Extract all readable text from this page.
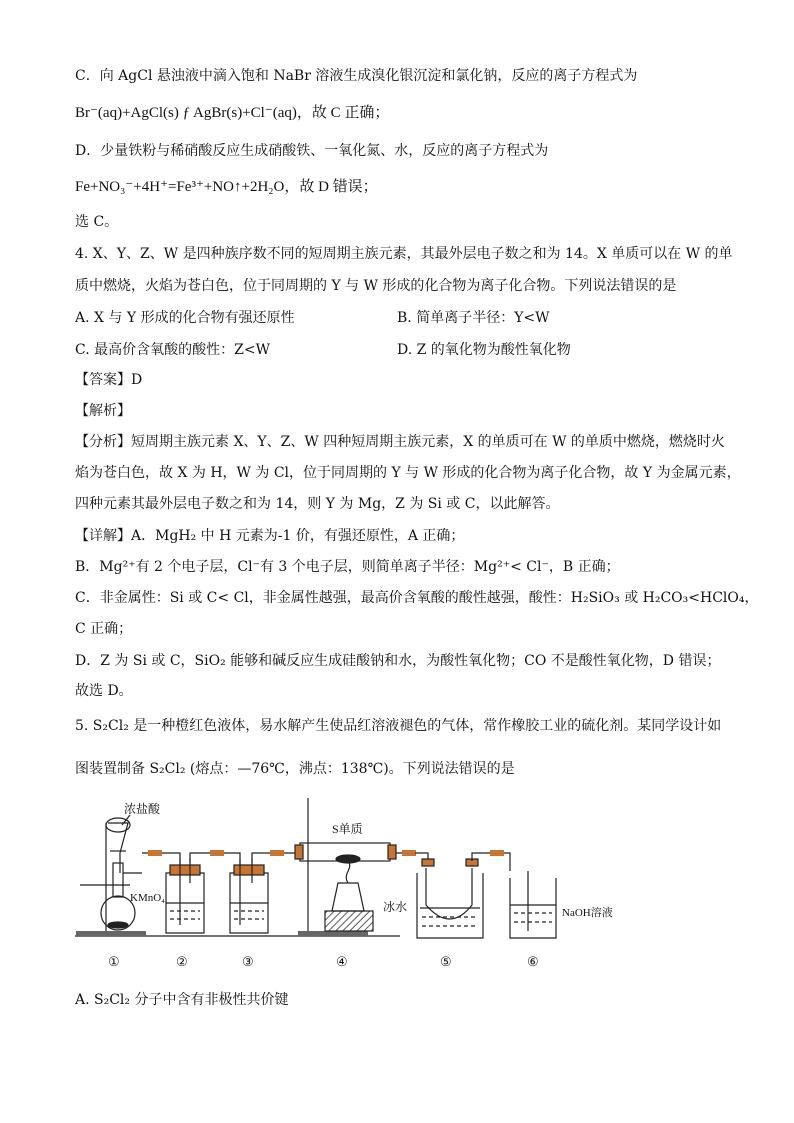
C．向 AgCl 悬浊液中滴入饱和 NaBr 溶液生成溴化银沉淀和氯化钠，反应的离子方程式为
Br⁻(aq)+AgCl(s) ƒ AgBr(s)+Cl⁻(aq)，故 C 正确；
D．少量铁粉与稀硝酸反应生成硝酸铁、一氧化氮、水，反应的离子方程式为
Fe+NO₃⁻+4H⁺=Fe³⁺+NO↑+2H₂O，故 D 错误；
选 C。
4. X、Y、Z、W 是四种族序数不同的短周期主族元素，其最外层电子数之和为 14。X 单质可以在 W 的单
质中燃烧，火焰为苍白色，位于同周期的 Y 与 W 形成的化合物为离子化合物。下列说法错误的是
A. X 与 Y 形成的化合物有强还原性	B. 简单离子半径：Y<W
C. 最高价含氧酸的酸性：Z<W	D. Z 的氧化物为酸性氧化物
【答案】D
【解析】
【分析】短周期主族元素 X、Y、Z、W 四种短周期主族元素，X 的单质可在 W 的单质中燃烧，燃烧时火
焰为苍白色，故 X 为 H，W 为 Cl，位于同周期的 Y 与 W 形成的化合物为离子化合物，故 Y 为金属元素，
四种元素其最外层电子数之和为 14，则 Y 为 Mg，Z 为 Si 或 C，以此解答。
【详解】A．MgH₂ 中 H 元素为-1 价，有强还原性，A 正确；
B．Mg²⁺有 2 个电子层，Cl⁻有 3 个电子层，则简单离子半径：Mg²⁺< Cl⁻，B 正确；
C．非金属性：Si 或 C< Cl，非金属性越强，最高价含氧酸的酸性越强，酸性：H₂SiO₃ 或 H₂CO₃<HClO₄，
C 正确；
D．Z 为 Si 或 C，SiO₂ 能够和碱反应生成硅酸钠和水，为酸性氧化物；CO 不是酸性氧化物，D 错误；
故选 D。
5. S₂Cl₂ 是一种橙红色液体，易水解产生使品红溶液褪色的气体，常作橡胶工业的硫化剂。某同学设计如
图装置制备 S₂Cl₂ (熔点：—76℃，沸点：138℃)。下列说法错误的是
浓盐酸
KMnO₄
S单质
冰水	NaOH溶液
①	②	③	④	⑤	⑥
A. S₂Cl₂ 分子中含有非极性共价键
